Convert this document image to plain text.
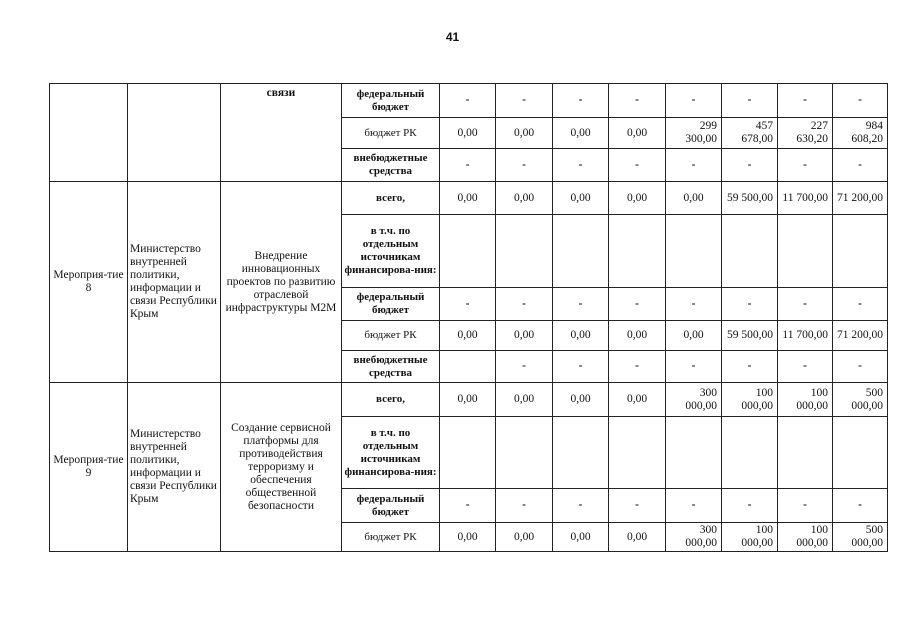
41
		связи	федеральный бюджет	-	-	-	-	-	-	-	-
			бюджет РК	0,00	0,00	0,00	0,00	299 300,00	457 678,00	227 630,20	984 608,20
			внебюджетные средства	-	-	-	-	-	-	-	-
Мероприя-тие 8	Министерство внутренней политики, информации и связи Республики Крым	Внедрение инновационных проектов по развитию отраслевой инфраструктуры M2M	всего,	0,00	0,00	0,00	0,00	0,00	59 500,00	11 700,00	71 200,00
			в т.ч. по отдельным источникам финансирова-ния:								
			федеральный бюджет	-	-	-	-	-	-	-	-
			бюджет РК	0,00	0,00	0,00	0,00	0,00	59 500,00	11 700,00	71 200,00
			внебюджетные средства		-	-	-	-	-	-	-
Мероприя-тие 9	Министерство внутренней политики, информации и связи Республики Крым	Создание сервисной платформы для противодействия терроризму и обеспечения общественной безопасности	всего,	0,00	0,00	0,00	0,00	300 000,00	100 000,00	100 000,00	500 000,00
			в т.ч. по отдельным источникам финансирова-ния:								
			федеральный бюджет	-	-	-	-	-	-	-	-
			бюджет РК	0,00	0,00	0,00	0,00	300 000,00	100 000,00	100 000,00	500 000,00
